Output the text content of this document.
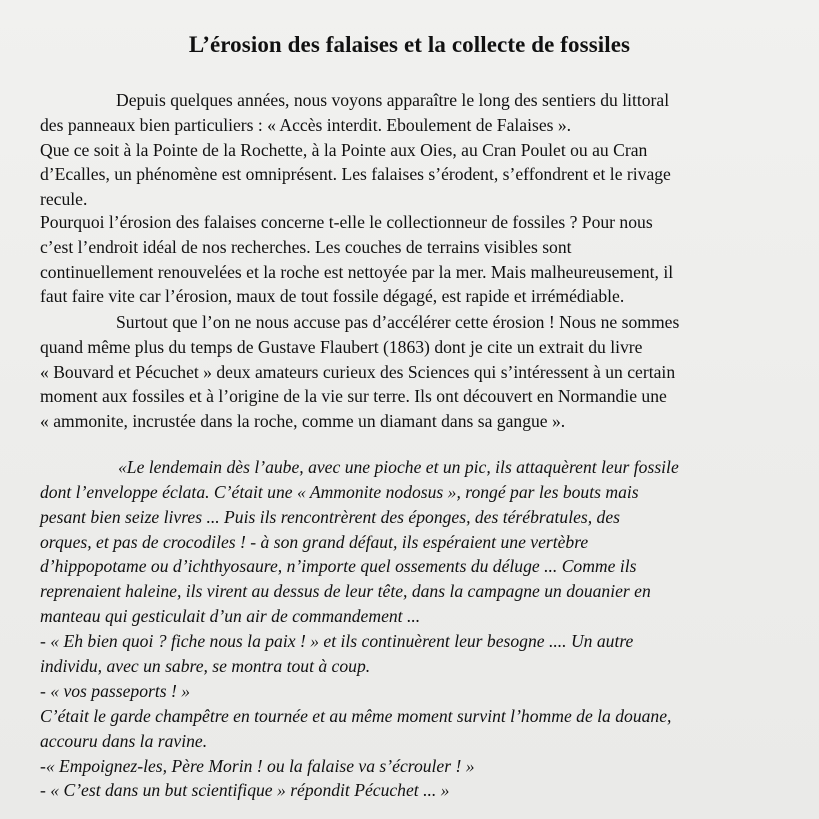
L’érosion des falaises et la collecte de fossiles
Depuis quelques années, nous voyons apparaître le long des sentiers du littoral
des panneaux bien particuliers : « Accès interdit. Eboulement de Falaises ».
Que ce soit à la Pointe de la Rochette, à la Pointe aux Oies, au Cran Poulet ou au Cran
d’Ecalles, un phénomène est omniprésent. Les falaises s’érodent, s’effondrent et le rivage
recule.
Pourquoi l’érosion des falaises concerne t-elle le collectionneur de fossiles ? Pour nous
c’est l’endroit idéal de nos recherches. Les couches de terrains visibles sont
continuellement renouvelées et la roche est nettoyée par la mer. Mais malheureusement, il
faut faire vite car l’érosion, maux de tout fossile dégagé, est rapide et irrémédiable.
Surtout que l’on ne nous accuse pas d’accélérer cette érosion ! Nous ne sommes
quand même plus du temps de Gustave Flaubert (1863) dont je cite un extrait du livre
« Bouvard et Pécuchet » deux amateurs curieux des Sciences qui s’intéressent à un certain
moment aux fossiles et à l’origine de la vie sur terre. Ils ont découvert en Normandie une
« ammonite, incrustée dans la roche, comme un diamant dans sa gangue ».
«Le lendemain dès l’aube, avec une pioche et un pic, ils attaquèrent leur fossile
dont l’enveloppe éclata. C’était une « Ammonite nodosus », rongé par les bouts mais
pesant bien seize livres ... Puis ils rencontrèrent des éponges, des térébratules, des
orques, et pas de crocodiles ! - à son grand défaut, ils espéraient une vertèbre
d’hippopotame ou d’ichthyosaure, n’importe quel ossements du déluge ... Comme ils
reprenaient haleine, ils virent au dessus de leur tête, dans la campagne un douanier en
manteau qui gesticulait d’un air de commandement ...
- « Eh bien quoi ? fiche nous la paix ! » et ils continuèrent leur besogne .... Un autre
individu, avec un sabre, se montra tout à coup.
- « vos passeports ! »
C’était le garde champêtre en tournée et au même moment survint l’homme de la douane,
accouru dans la ravine.
-« Empoignez-les, Père Morin ! ou la falaise va s’écrouler ! »
- « C’est dans un but scientifique » répondit Pécuchet ... »
